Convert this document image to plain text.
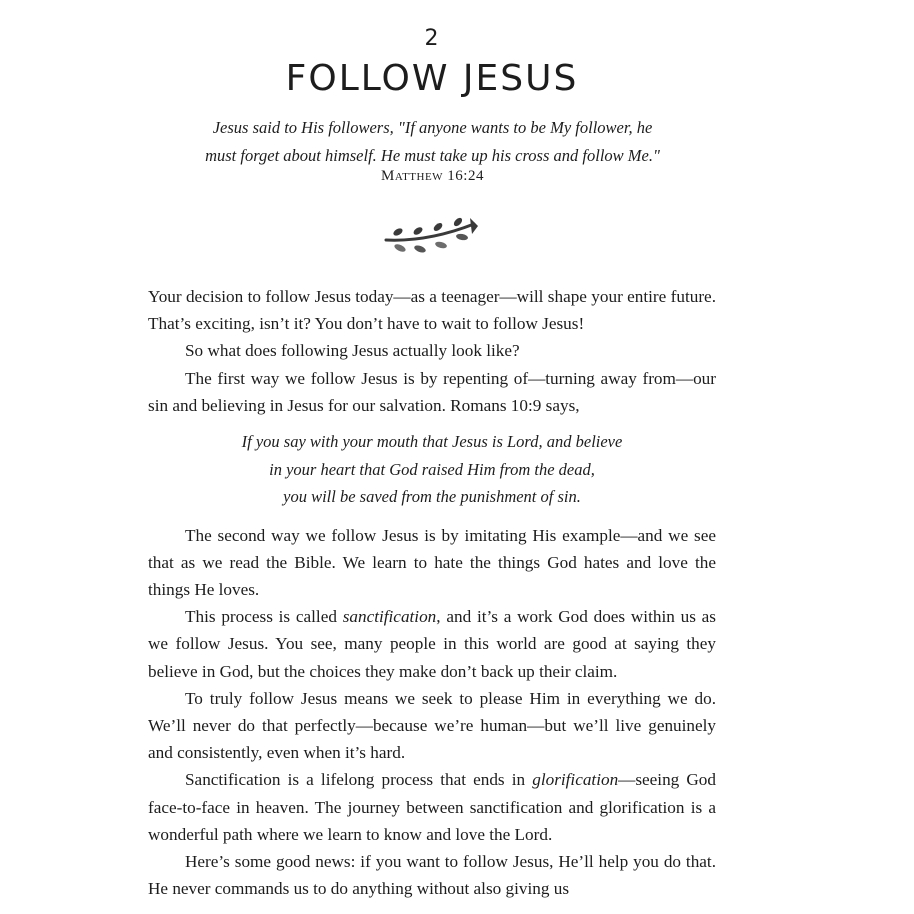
2
FOLLOW JESUS
Jesus said to His followers, "If anyone wants to be My follower, he
must forget about himself. He must take up his cross and follow Me."
Matthew 16:24

Your decision to follow Jesus today—as a teenager—will shape your entire future. That’s exciting, isn’t it? You don’t have to wait to follow Jesus!

So what does following Jesus actually look like?

The first way we follow Jesus is by repenting of—turning away from—our sin and believing in Jesus for our salvation. Romans 10:9 says,

If you say with your mouth that Jesus is Lord, and believe
in your heart that God raised Him from the dead,
you will be saved from the punishment of sin.

The second way we follow Jesus is by imitating His example—and we see that as we read the Bible. We learn to hate the things God hates and love the things He loves.

This process is called sanctification, and it’s a work God does within us as we follow Jesus. You see, many people in this world are good at saying they believe in God, but the choices they make don’t back up their claim.

To truly follow Jesus means we seek to please Him in everything we do. We’ll never do that perfectly—because we’re human—but we’ll live genuinely and consistently, even when it’s hard.

Sanctification is a lifelong process that ends in glorification—seeing God face-to-face in heaven. The journey between sanctification and glorification is a wonderful path where we learn to know and love the Lord.

Here’s some good news: if you want to follow Jesus, He’ll help you do that. He never commands us to do anything without also giving us
